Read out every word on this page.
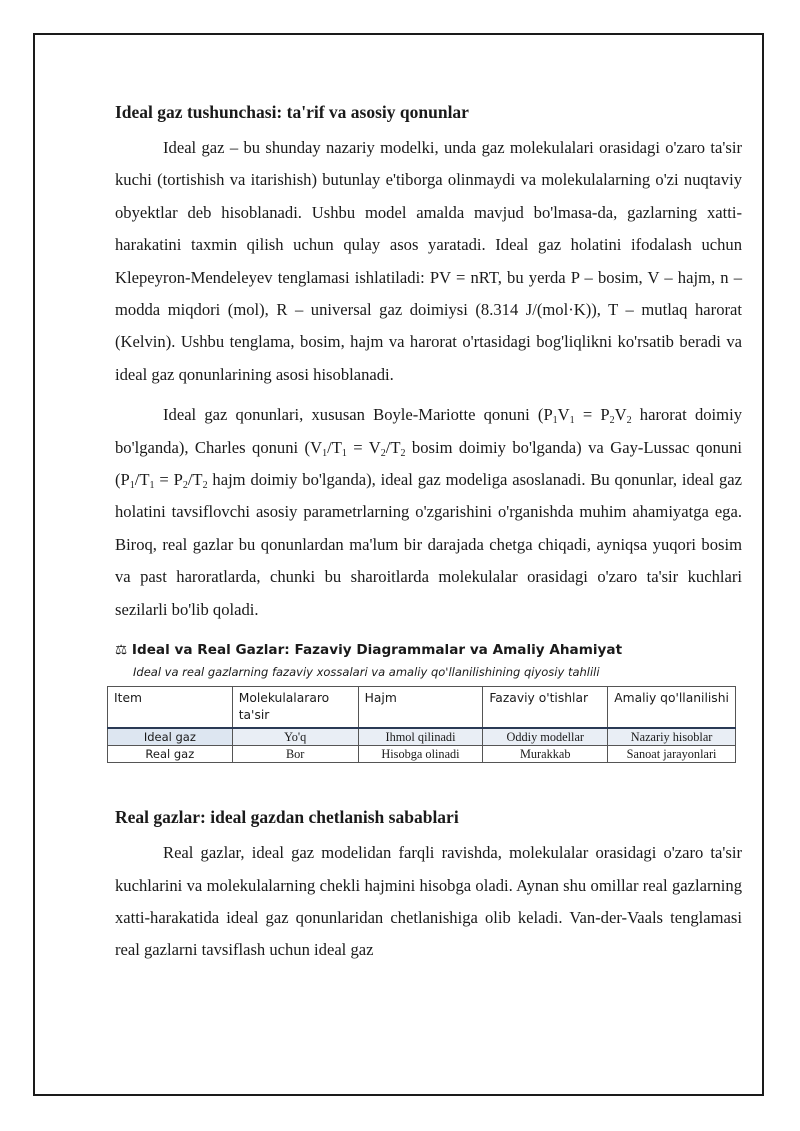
Ideal gaz tushunchasi: ta'rif va asosiy qonunlar

Ideal gaz – bu shunday nazariy modelki, unda gaz molekulalari orasidagi o'zaro ta'sir kuchi (tortishish va itarishish) butunlay e'tiborga olinmaydi va molekulalarning o'zi nuqtaviy obyektlar deb hisoblanadi. Ushbu model amalda mavjud bo'lmasa-da, gazlarning xatti-harakatini taxmin qilish uchun qulay asos yaratadi. Ideal gaz holatini ifodalash uchun Klepeyron-Mendeleyev tenglamasi ishlatiladi: PV = nRT, bu yerda P – bosim, V – hajm, n – modda miqdori (mol), R – universal gaz doimiysi (8.314 J/(mol·K)), T – mutlaq harorat (Kelvin). Ushbu tenglama, bosim, hajm va harorat o'rtasidagi bog'liqlikni ko'rsatib beradi va ideal gaz qonunlarining asosi hisoblanadi.

Ideal gaz qonunlari, xususan Boyle-Mariotte qonuni ($P_1V_1 = P_2V_2$ harorat doimiy bo'lganda), Charles qonuni ($V_1/T_1 = V_2/T_2$ bosim doimiy bo'lganda) va Gay-Lussac qonuni ($P_1/T_1 = P_2/T_2$ hajm doimiy bo'lganda), ideal gaz modeliga asoslanadi. Bu qonunlar, ideal gaz holatini tavsiflovchi asosiy parametrlarning o'zgarishini o'rganishda muhim ahamiyatga ega. Biroq, real gazlar bu qonunlardan ma'lum bir darajada chetga chiqadi, ayniqsa yuqori bosim va past haroratlarda, chunki bu sharoitlarda molekulalar orasidagi o'zaro ta'sir kuchlari sezilarli bo'lib qoladi.

⚖ Ideal va Real Gazlar: Fazaviy Diagrammalar va Amaliy Ahamiyat
Ideal va real gazlarning fazaviy xossalari va amaliy qo'llanilishining qiyosiy tahlili
Item	Molekulalararo ta'sir	Hajm	Fazaviy o'tishlar	Amaliy qo'llanilishi
Ideal gaz	Yo'q	Ihmol qilinadi	Oddiy modellar	Nazariy hisoblar
Real gaz	Bor	Hisobga olinadi	Murakkab	Sanoat jarayonlari
Real gazlar: ideal gazdan chetlanish sabablari

Real gazlar, ideal gaz modelidan farqli ravishda, molekulalar orasidagi o'zaro ta'sir kuchlarini va molekulalarning chekli hajmini hisobga oladi. Aynan shu omillar real gazlarning xatti-harakatida ideal gaz qonunlaridan chetlanishiga olib keladi. Van-der-Vaals tenglamasi real gazlarni tavsiflash uchun ideal gaz
